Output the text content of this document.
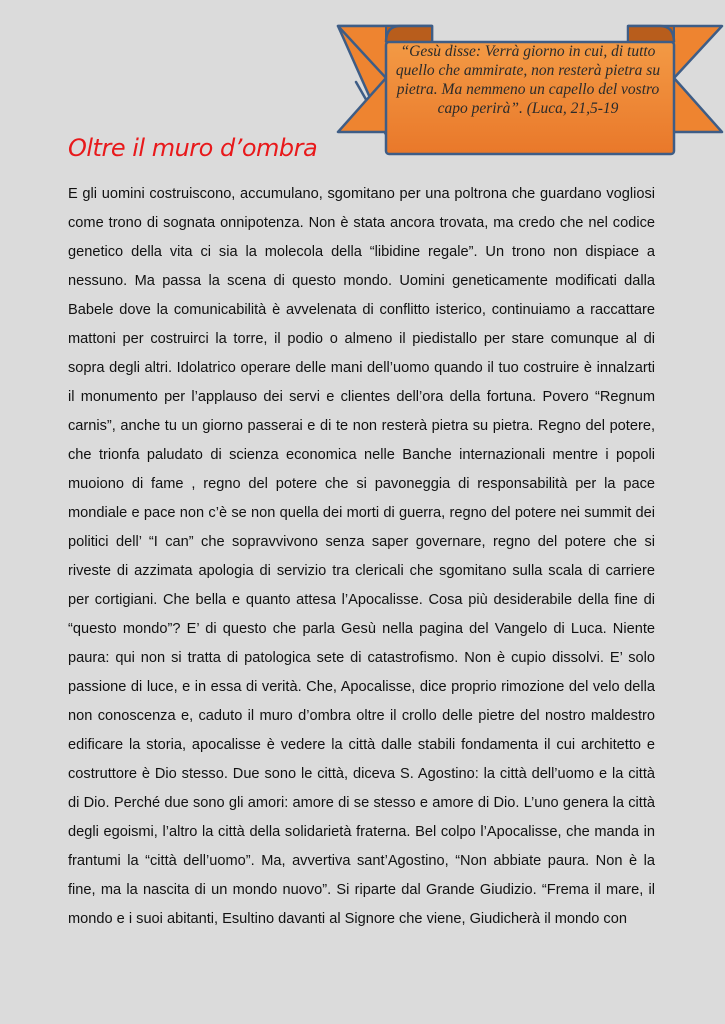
“Gesù disse: Verrà giorno in cui, di tutto quello che ammirate, non resterà pietra su pietra. Ma nemmeno un capello del vostro capo perirà”. (Luca, 21,5-19
Oltre il muro d’ombra

E gli uomini costruiscono, accumulano, sgomitano per una poltrona che guardano vogliosi come trono di sognata onnipotenza. Non è stata ancora trovata, ma credo che nel codice genetico della vita ci sia la molecola della “libidine regale”. Un trono non dispiace a nessuno. Ma passa la scena di questo mondo. Uomini geneticamente modificati dalla Babele dove la comunicabilità è avvelenata di conflitto isterico, continuiamo a raccattare mattoni per costruirci la torre, il podio o almeno il piedistallo per stare comunque al di sopra degli altri. Idolatrico operare delle mani dell’uomo quando il tuo costruire è innalzarti il monumento per l’applauso dei servi e clientes dell’ora della fortuna. Povero “Regnum carnis”, anche tu un giorno passerai e di te non resterà pietra su pietra. Regno del potere, che trionfa paludato di scienza economica nelle Banche internazionali mentre i popoli muoiono di fame , regno del potere che si pavoneggia di responsabilità per la pace mondiale e pace non c’è se non quella dei morti di guerra, regno del potere nei summit dei politici dell’ “I can” che sopravvivono senza saper governare, regno del potere che si riveste di azzimata apologia di servizio tra clericali che sgomitano sulla scala di carriere per cortigiani. Che bella e quanto attesa l’Apocalisse. Cosa più desiderabile della fine di “questo mondo”? E’ di questo che parla Gesù nella pagina del Vangelo di Luca. Niente paura: qui non si tratta di patologica sete di catastrofismo. Non è cupio dissolvi. E’ solo passione di luce, e in essa di verità. Che, Apocalisse, dice proprio rimozione del velo della non conoscenza e, caduto il muro d’ombra oltre il crollo delle pietre del nostro maldestro edificare la storia, apocalisse è vedere la città dalle stabili fondamenta il cui architetto e costruttore è Dio stesso. Due sono le città, diceva S. Agostino: la città dell’uomo e la città di Dio. Perché due sono gli amori: amore di se stesso e amore di Dio. L’uno genera la città degli egoismi, l’altro la città della solidarietà fraterna. Bel colpo l’Apocalisse, che manda in frantumi la “città dell’uomo”. Ma, avvertiva sant’Agostino, “Non abbiate paura. Non è la fine, ma la nascita di un mondo nuovo”. Si riparte dal Grande Giudizio. “Frema il mare, il mondo e i suoi abitanti, Esultino davanti al Signore che viene, Giudicherà il mondo con
